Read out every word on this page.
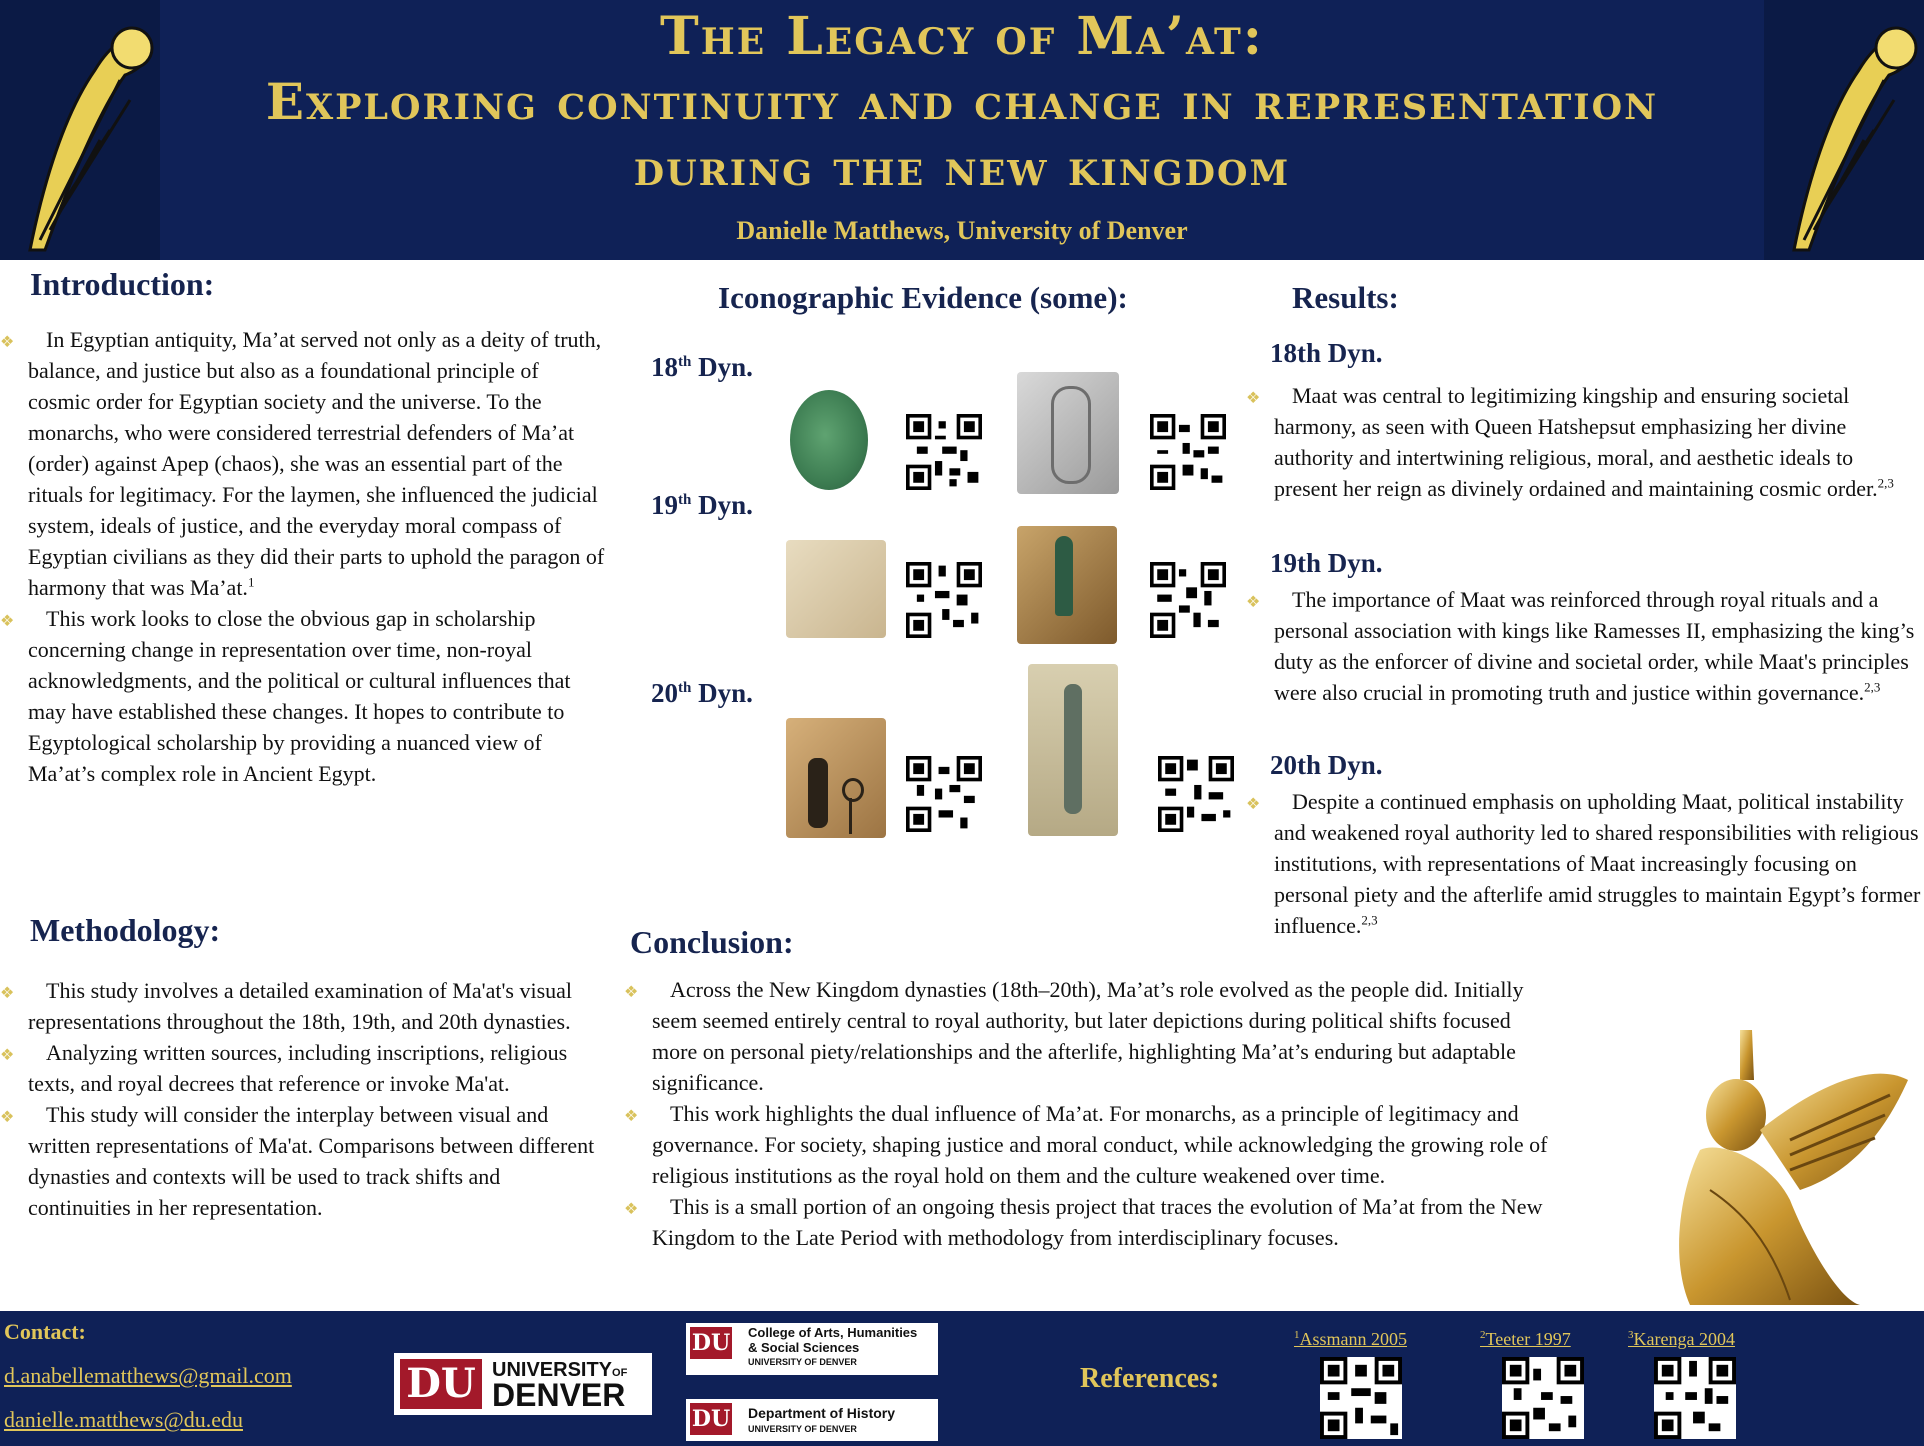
The Legacy of Ma’at:
Exploring continuity and change in representation
during the new kingdom
Danielle Matthews, University of Denver
Introduction:

❖ In Egyptian antiquity, Ma’at served not only as a deity of truth, balance, and justice but also as a foundational principle of cosmic order for Egyptian society and the universe. To the monarchs, who were considered terrestrial defenders of Ma’at (order) against Apep (chaos), she was an essential part of the rituals for legitimacy. For the laymen, she influenced the judicial system, ideals of justice, and the everyday moral compass of Egyptian civilians as they did their parts to uphold the paragon of harmony that was Ma’at.$^1$

❖ This work looks to close the obvious gap in scholarship concerning change in representation over time, non-royal acknowledgments, and the political or cultural influences that may have established these changes. It hopes to contribute to Egyptological scholarship by providing a nuanced view of Ma’at’s complex role in Ancient Egypt.

Methodology:

❖ This study involves a detailed examination of Ma'at's visual representations throughout the 18th, 19th, and 20th dynasties.

❖ Analyzing written sources, including inscriptions, religious texts, and royal decrees that reference or invoke Ma'at.

❖ This study will consider the interplay between visual and written representations of Ma'at. Comparisons between different dynasties and contexts will be used to track shifts and continuities in her representation.

Iconographic Evidence (some):
18th Dyn.
19th Dyn.
20th Dyn.
Results:
18th Dyn.

❖ Maat was central to legitimizing kingship and ensuring societal harmony, as seen with Queen Hatshepsut emphasizing her divine authority and intertwining religious, moral, and aesthetic ideals to present her reign as divinely ordained and maintaining cosmic order.$^{2,3}$

19th Dyn.

❖ The importance of Maat was reinforced through royal rituals and a personal association with kings like Ramesses II, emphasizing the king’s duty as the enforcer of divine and societal order, while Maat's principles were also crucial in promoting truth and justice within governance.$^{2,3}$

20th Dyn.

❖ Despite a continued emphasis on upholding Maat, political instability and weakened royal authority led to shared responsibilities with religious institutions, with representations of Maat increasingly focusing on personal piety and the afterlife amid struggles to maintain Egypt’s former influence.$^{2,3}$

Conclusion:

❖ Across the New Kingdom dynasties (18th–20th), Ma’at’s role evolved as the people did. Initially seem seemed entirely central to royal authority, but later depictions during political shifts focused more on personal piety/relationships and the afterlife, highlighting Ma’at’s enduring but adaptable significance.

❖ This work highlights the dual influence of Ma’at. For monarchs, as a principle of legitimacy and governance. For society, shaping justice and moral conduct, while acknowledging the growing role of religious institutions as the royal hold on them and the culture weakened over time.

❖ This is a small portion of an ongoing thesis project that traces the evolution of Ma’at from the New Kingdom to the Late Period with methodology from interdisciplinary focuses.

Contact:
d.anabellematthews@gmail.com
danielle.matthews@du.edu
DU UNIVERSITYOF
DENVER
DU College of Arts, Humanities
& Social Sciences
UNIVERSITY OF DENVER
DU Department of History
UNIVERSITY OF DENVER
References:
$^1$Assmann 2005	$^2$Teeter 1997	$^3$Karenga 2004
